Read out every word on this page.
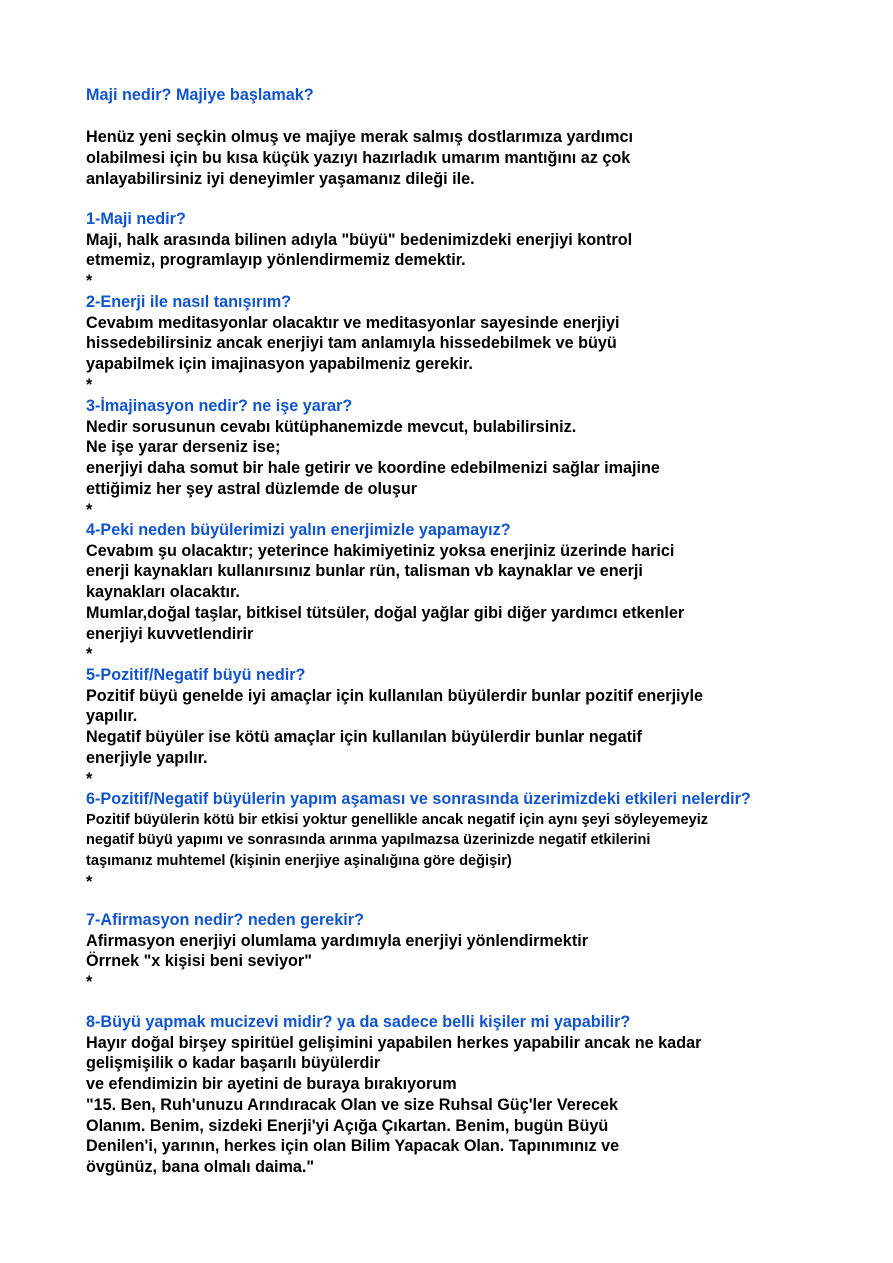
Maji nedir? Majiye başlamak?
Henüz yeni seçkin olmuş ve majiye merak salmış dostlarımıza yardımcı
olabilmesi için bu kısa küçük yazıyı hazırladık umarım mantığını az çok
anlayabilirsiniz iyi deneyimler yaşamanız dileği ile.
1-Maji nedir?
Maji, halk arasında bilinen adıyla "büyü" bedenimizdeki enerjiyi kontrol
etmemiz, programlayıp yönlendirmemiz demektir.
*
2-Enerji ile nasıl tanışırım?
Cevabım meditasyonlar olacaktır ve meditasyonlar sayesinde enerjiyi
hissedebilirsiniz ancak enerjiyi tam anlamıyla hissedebilmek ve büyü
yapabilmek için imajinasyon yapabilmeniz gerekir.
*
3-İmajinasyon nedir? ne işe yarar?
Nedir sorusunun cevabı kütüphanemizde mevcut, bulabilirsiniz.
Ne işe yarar derseniz ise;
enerjiyi daha somut bir hale getirir ve koordine edebilmenizi sağlar imajine
ettiğimiz her şey astral düzlemde de oluşur
*
4-Peki neden büyülerimizi yalın enerjimizle yapamayız?
Cevabım şu olacaktır; yeterince hakimiyetiniz yoksa enerjiniz üzerinde harici
enerji kaynakları kullanırsınız bunlar rün, talisman vb kaynaklar ve enerji
kaynakları olacaktır.
Mumlar,doğal taşlar, bitkisel tütsüler, doğal yağlar gibi diğer yardımcı etkenler
enerjiyi kuvvetlendirir
*
5-Pozitif/Negatif büyü nedir?
Pozitif büyü genelde iyi amaçlar için kullanılan büyülerdir bunlar pozitif enerjiyle
yapılır.
Negatif büyüler ise kötü amaçlar için kullanılan büyülerdir bunlar negatif
enerjiyle yapılır.
*
6-Pozitif/Negatif büyülerin yapım aşaması ve sonrasında üzerimizdeki etkileri nelerdir?
Pozitif büyülerin kötü bir etkisi yoktur genellikle ancak negatif için aynı şeyi söyleyemeyiz
negatif büyü yapımı ve sonrasında arınma yapılmazsa üzerinizde negatif etkilerini
taşımanız muhtemel (kişinin enerjiye aşinalığına göre değişir)
*
7-Afirmasyon nedir? neden gerekir?
Afirmasyon enerjiyi olumlama yardımıyla enerjiyi yönlendirmektir
Örrnek "x kişisi beni seviyor"
*
8-Büyü yapmak mucizevi midir? ya da sadece belli kişiler mi yapabilir?
Hayır doğal birşey spiritüel gelişimini yapabilen herkes yapabilir ancak ne kadar
gelişmişilik o kadar başarılı büyülerdir
ve efendimizin bir ayetini de buraya bırakıyorum
"15. Ben, Ruh'unuzu Arındıracak Olan ve size Ruhsal Güç'ler Verecek
Olanım. Benim, sizdeki Enerji'yi Açığa Çıkartan. Benim, bugün Büyü
Denilen'i, yarının, herkes için olan Bilim Yapacak Olan. Tapınımınız ve
övgünüz, bana olmalı daima."
